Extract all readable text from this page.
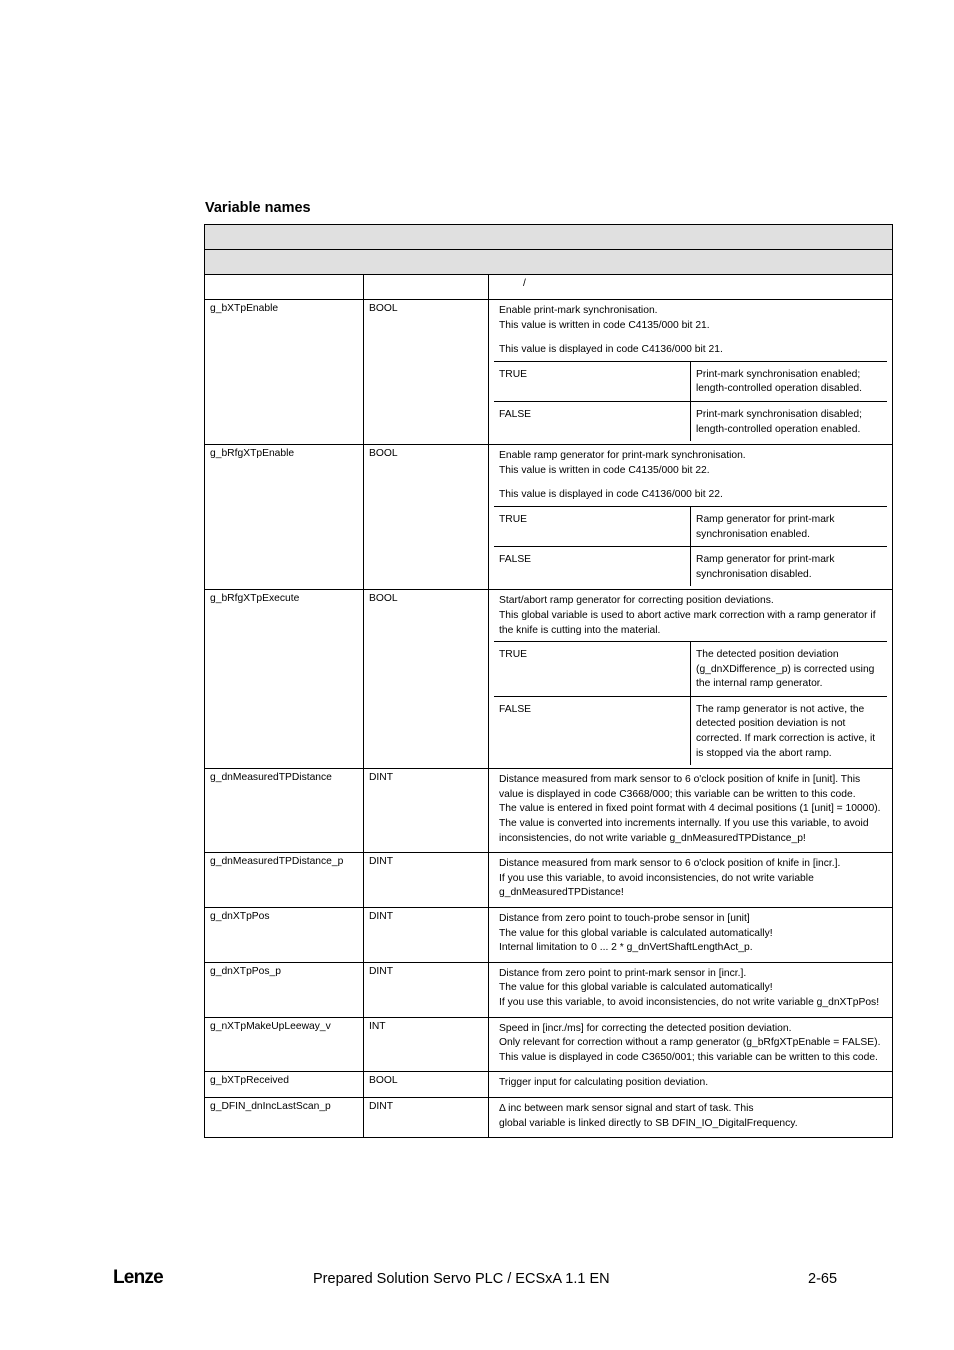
Variable names

		/
g_bXTpEnable	BOOL	Enable print-mark synchronisation.

This value is written in code C4135/000 bit 21.

This value is displayed in code C4136/000 bit 21.

TRUE	Print-mark synchronisation enabled; length-controlled operation disabled.
FALSE	Print-mark synchronisation disabled; length-controlled operation enabled.

g_bRfgXTpEnable	BOOL	Enable ramp generator for print-mark synchronisation.

This value is written in code C4135/000 bit 22.

This value is displayed in code C4136/000 bit 22.

TRUE	Ramp generator for print-mark synchronisation enabled.
FALSE	Ramp generator for print-mark synchronisation disabled.

g_bRfgXTpExecute	BOOL	Start/abort ramp generator for correcting position deviations.

This global variable is used to abort active mark correction with a ramp generator if the knife is cutting into the material.

TRUE	The detected position deviation (g_dnXDifference_p) is corrected using the internal ramp generator.
FALSE	The ramp generator is not active, the detected position deviation is not corrected. If mark correction is active, it is stopped via the abort ramp.

g_dnMeasuredTPDistance	DINT	Distance measured from mark sensor to 6 o'clock position of knife in [unit]. This value is displayed in code C3668/000; this variable can be written to this code.

The value is entered in fixed point format with 4 decimal positions (1 [unit] = 10000).

The value is converted into increments internally. If you use this variable, to avoid inconsistencies, do not write variable g_dnMeasuredTPDistance_p!

g_dnMeasuredTPDistance_p	DINT	Distance measured from mark sensor to 6 o'clock position of knife in [incr.].

If you use this variable, to avoid inconsistencies, do not write variable g_dnMeasuredTPDistance!

g_dnXTpPos	DINT	Distance from zero point to touch-probe sensor in [unit]

The value for this global variable is calculated automatically!

Internal limitation to 0 ... 2 * g_dnVertShaftLengthAct_p.

g_dnXTpPos_p	DINT	Distance from zero point to print-mark sensor in [incr.].

The value for this global variable is calculated automatically!

If you use this variable, to avoid inconsistencies, do not write variable g_dnXTpPos!

g_nXTpMakeUpLeeway_v	INT	Speed in [incr./ms] for correcting the detected position deviation.

Only relevant for correction without a ramp generator (g_bRfgXTpEnable = FALSE).

This value is displayed in code C3650/001; this variable can be written to this code.

g_bXTpReceived	BOOL	Trigger input for calculating position deviation.

g_DFIN_dnIncLastScan_p	DINT	Δ inc between mark sensor signal and start of task. This

global variable is linked directly to SB DFIN_IO_DigitalFrequency.

Lenze	Prepared Solution Servo PLC / ECSxA 1.1 EN	2-65
